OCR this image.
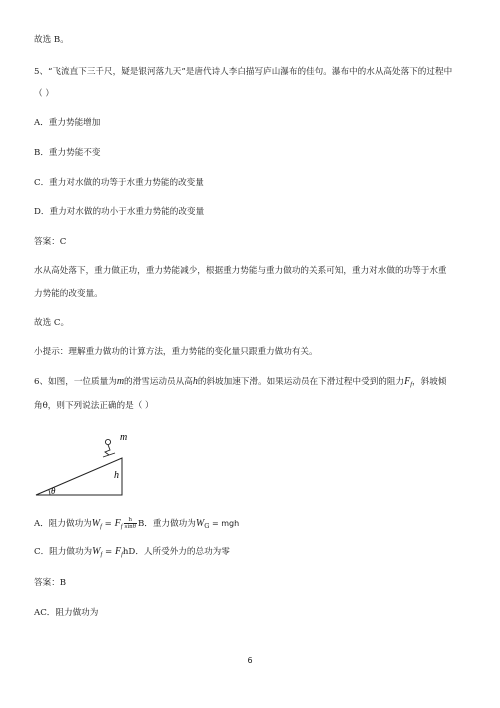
故选 B。
5、“飞流直下三千尺，疑是银河落九天”是唐代诗人李白描写庐山瀑布的佳句。瀑布中的水从高处落下的过程中
（ ）
A．重力势能增加
B．重力势能不变
C．重力对水做的功等于水重力势能的改变量
D．重力对水做的功小于水重力势能的改变量
答案：C
水从高处落下，重力做正功，重力势能减少，根据重力势能与重力做功的关系可知，重力对水做的功等于水重
力势能的改变量。
故选 C。
小提示：理解重力做功的计算方法，重力势能的变化量只跟重力做功有关。
6、如图，一位质量为m的滑雪运动员从高h的斜坡加速下滑。如果运动员在下滑过程中受到的阻力$F_f$，斜坡倾
角θ，则下列说法正确的是（ ）
m
h
θ
A．阻力做功为$W_f = F_f \frac{h}{\sin\theta}$ B．重力做功为$W_G$ = mgh
C．阻力做功为$W_f = F_fhD$．人所受外力的总功为零
答案：B
AC．阻力做功为
6
